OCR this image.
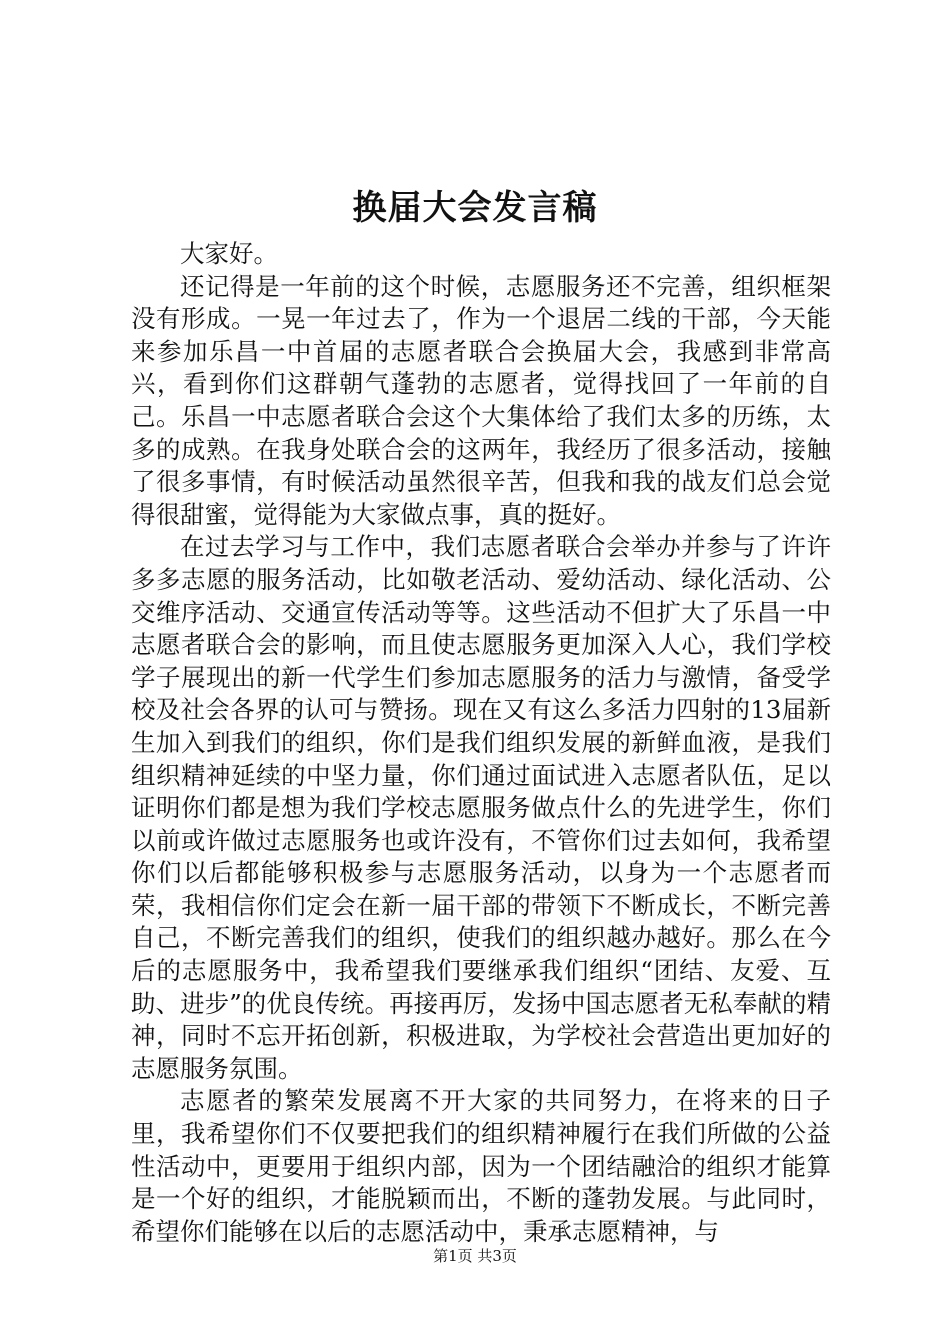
换届大会发言稿

大家好。

还记得是一年前的这个时候，志愿服务还不完善，组织框架没有形成。一晃一年过去了，作为一个退居二线的干部，今天能来参加乐昌一中首届的志愿者联合会换届大会，我感到非常高兴，看到你们这群朝气蓬勃的志愿者，觉得找回了一年前的自己。乐昌一中志愿者联合会这个大集体给了我们太多的历练，太多的成熟。在我身处联合会的这两年，我经历了很多活动，接触了很多事情，有时候活动虽然很辛苦，但我和我的战友们总会觉得很甜蜜，觉得能为大家做点事，真的挺好。

在过去学习与工作中，我们志愿者联合会举办并参与了许许多多志愿的服务活动，比如敬老活动、爱幼活动、绿化活动、公交维序活动、交通宣传活动等等。这些活动不但扩大了乐昌一中志愿者联合会的影响，而且使志愿服务更加深入人心，我们学校学子展现出的新一代学生们参加志愿服务的活力与激情，备受学校及社会各界的认可与赞扬。现在又有这么多活力四射的13届新生加入到我们的组织，你们是我们组织发展的新鲜血液，是我们组织精神延续的中坚力量，你们通过面试进入志愿者队伍，足以证明你们都是想为我们学校志愿服务做点什么的先进学生，你们以前或许做过志愿服务也或许没有，不管你们过去如何，我希望你们以后都能够积极参与志愿服务活动，以身为一个志愿者而荣，我相信你们定会在新一届干部的带领下不断成长，不断完善自己，不断完善我们的组织，使我们的组织越办越好。那么在今后的志愿服务中，我希望我们要继承我们组织“团结、友爱、互助、进步”的优良传统。再接再厉，发扬中国志愿者无私奉献的精神，同时不忘开拓创新，积极进取，为学校社会营造出更加好的志愿服务氛围。

志愿者的繁荣发展离不开大家的共同努力，在将来的日子里，我希望你们不仅要把我们的组织精神履行在我们所做的公益性活动中，更要用于组织内部，因为一个团结融洽的组织才能算是一个好的组织，才能脱颖而出，不断的蓬勃发展。与此同时，希望你们能够在以后的志愿活动中，秉承志愿精神，与

第1页 共3页
